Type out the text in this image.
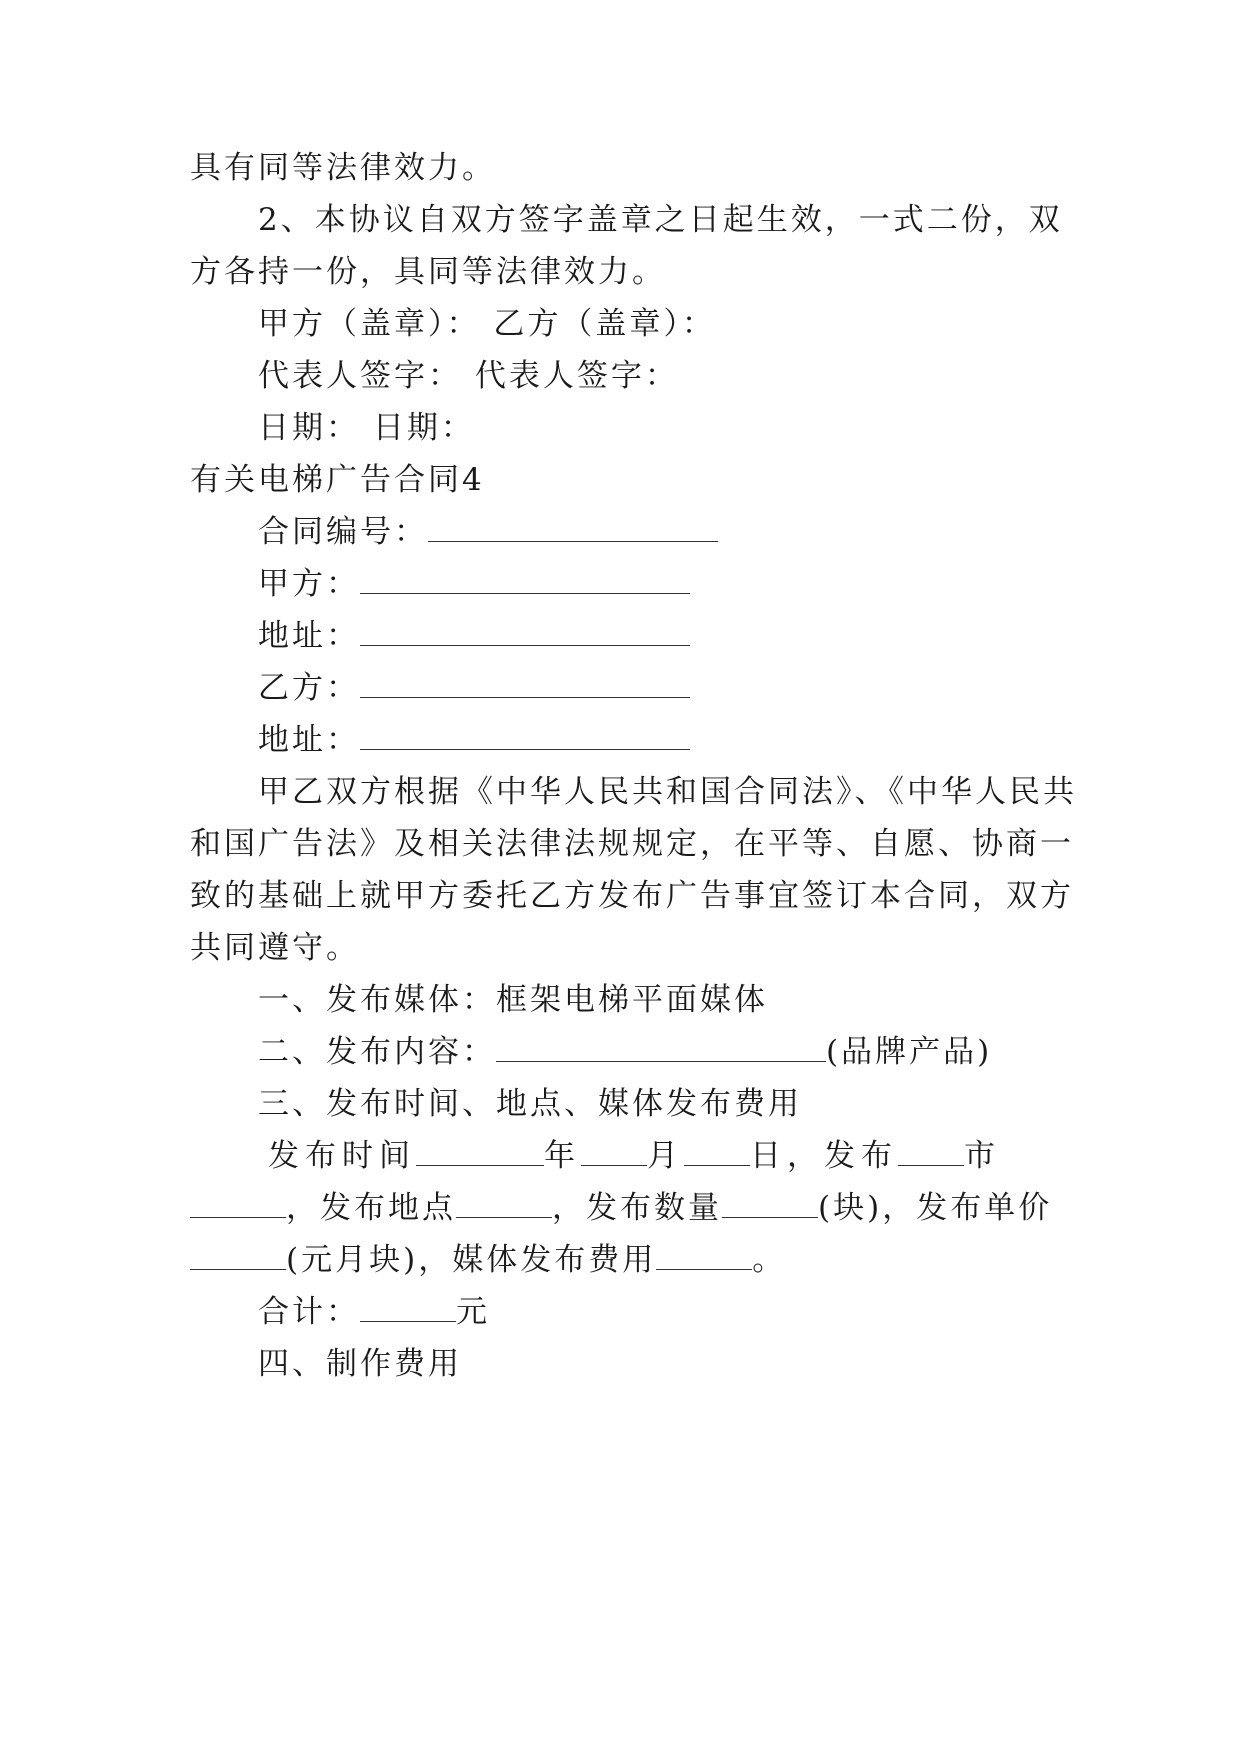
具有同等法律效力。
2、本协议自双方签字盖章之日起生效，一式二份，双
方各持一份，具同等法律效力。
甲方（盖章）： 乙方（盖章）：
代表人签字： 代表人签字：
日期： 日期：
有关电梯广告合同4
合同编号：
甲方：
地址：
乙方：
地址：
甲乙双方根据《中华人民共和国合同法》、《中华人民共
和国广告法》及相关法律法规规定，在平等、自愿、协商一
致的基础上就甲方委托乙方发布广告事宜签订本合同，双方
共同遵守。
一、发布媒体：框架电梯平面媒体
二、发布内容：	(品牌产品)
三、发布时间、地点、媒体发布费用
发布时间	年 月 日，发布 市
，发布地点	，发布数量	(块)，发布单价
(元月块)，媒体发布费用	。
合计：	元
四、制作费用
